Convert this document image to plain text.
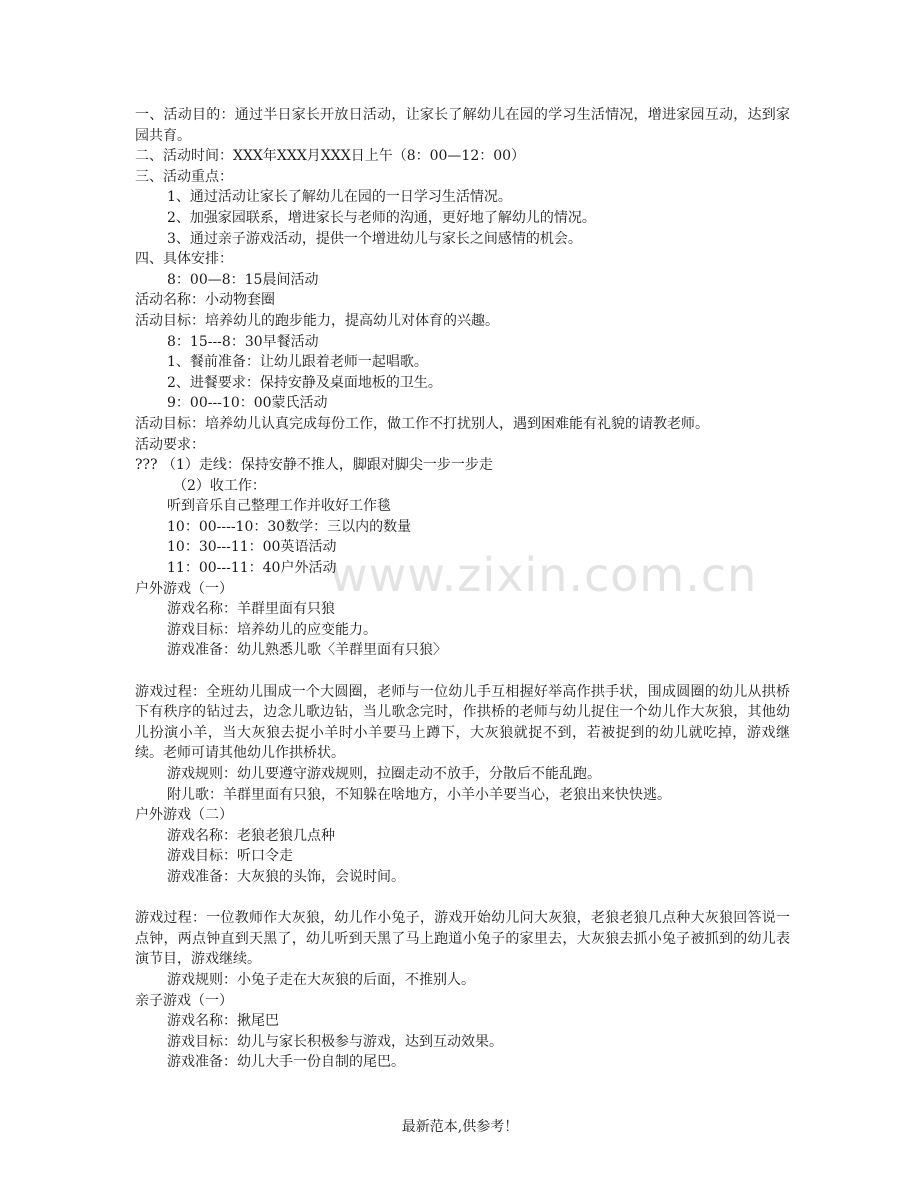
www.zixin.com.cn
一、活动目的：通过半日家长开放日活动，让家长了解幼儿在园的学习生活情况，增进家园互动，达到家园共育。
二、活动时间：XXX年XXX月XXX日上午（8：00—12：00）
三、活动重点：
1、通过活动让家长了解幼儿在园的一日学习生活情况。
2、加强家园联系，增进家长与老师的沟通，更好地了解幼儿的情况。
3、通过亲子游戏活动，提供一个增进幼儿与家长之间感情的机会。
四、具体安排：
8：00—8：15晨间活动
活动名称：小动物套圈
活动目标：培养幼儿的跑步能力，提高幼儿对体育的兴趣。
8：15---8：30早餐活动
1、餐前准备：让幼儿跟着老师一起唱歌。
2、进餐要求：保持安静及桌面地板的卫生。
9：00---10：00蒙氏活动
活动目标：培养幼儿认真完成每份工作，做工作不打扰别人，遇到困难能有礼貌的请教老师。
活动要求：
??? （1）走线：保持安静不推人，脚跟对脚尖一步一步走
（2）收工作：
听到音乐自己整理工作并收好工作毯
10：00----10：30数学：三以内的数量
10：30---11：00英语活动
11：00---11：40户外活动
户外游戏（一）
游戏名称：羊群里面有只狼
游戏目标：培养幼儿的应变能力。
游戏准备：幼儿熟悉儿歌〈羊群里面有只狼〉
游戏过程：全班幼儿围成一个大圆圈，老师与一位幼儿手互相握好举高作拱手状，围成圆圈的幼儿从拱桥下有秩序的钻过去，边念儿歌边钻，当儿歌念完时，作拱桥的老师与幼儿捉住一个幼儿作大灰狼，其他幼儿扮演小羊，当大灰狼去捉小羊时小羊要马上蹲下，大灰狼就捉不到，若被捉到的幼儿就吃掉，游戏继续。老师可请其他幼儿作拱桥状。
游戏规则：幼儿要遵守游戏规则，拉圈走动不放手，分散后不能乱跑。
附儿歌：羊群里面有只狼，不知躲在啥地方，小羊小羊要当心，老狼出来快快逃。
户外游戏（二）
游戏名称：老狼老狼几点种
游戏目标：听口令走
游戏准备：大灰狼的头饰，会说时间。
游戏过程：一位教师作大灰狼，幼儿作小兔子，游戏开始幼儿问大灰狼，老狼老狼几点种大灰狼回答说一点钟，两点钟直到天黑了，幼儿听到天黑了马上跑道小兔子的家里去，大灰狼去抓小兔子被抓到的幼儿表演节目，游戏继续。
游戏规则：小兔子走在大灰狼的后面，不推别人。
亲子游戏（一）
游戏名称：揪尾巴
游戏目标：幼儿与家长积极参与游戏，达到互动效果。
游戏准备：幼儿大手一份自制的尾巴。
最新范本,供参考！
